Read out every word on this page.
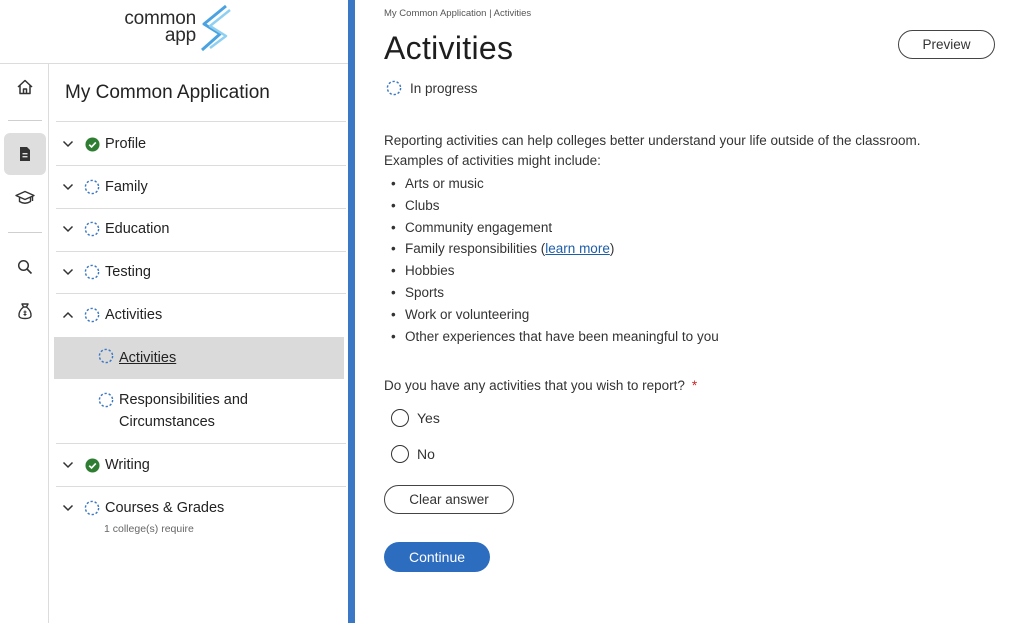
common
app
My Common Application
Profile
Family
Education
Testing
Activities
Activities
Responsibilities and
Circumstances
Writing
Courses & Grades
1 college(s) require
My Common Application | Activities
Activities	Preview
In progress
Reporting activities can help colleges better understand your life outside of the classroom.
Examples of activities might include:
• Arts or music
• Clubs
• Community engagement
• Family responsibilities ( learn more )
• Hobbies
• Sports
• Work or volunteering
• Other experiences that have been meaningful to you
Do you have any activities that you wish to report? *
Yes
No
Clear answer
Continue
